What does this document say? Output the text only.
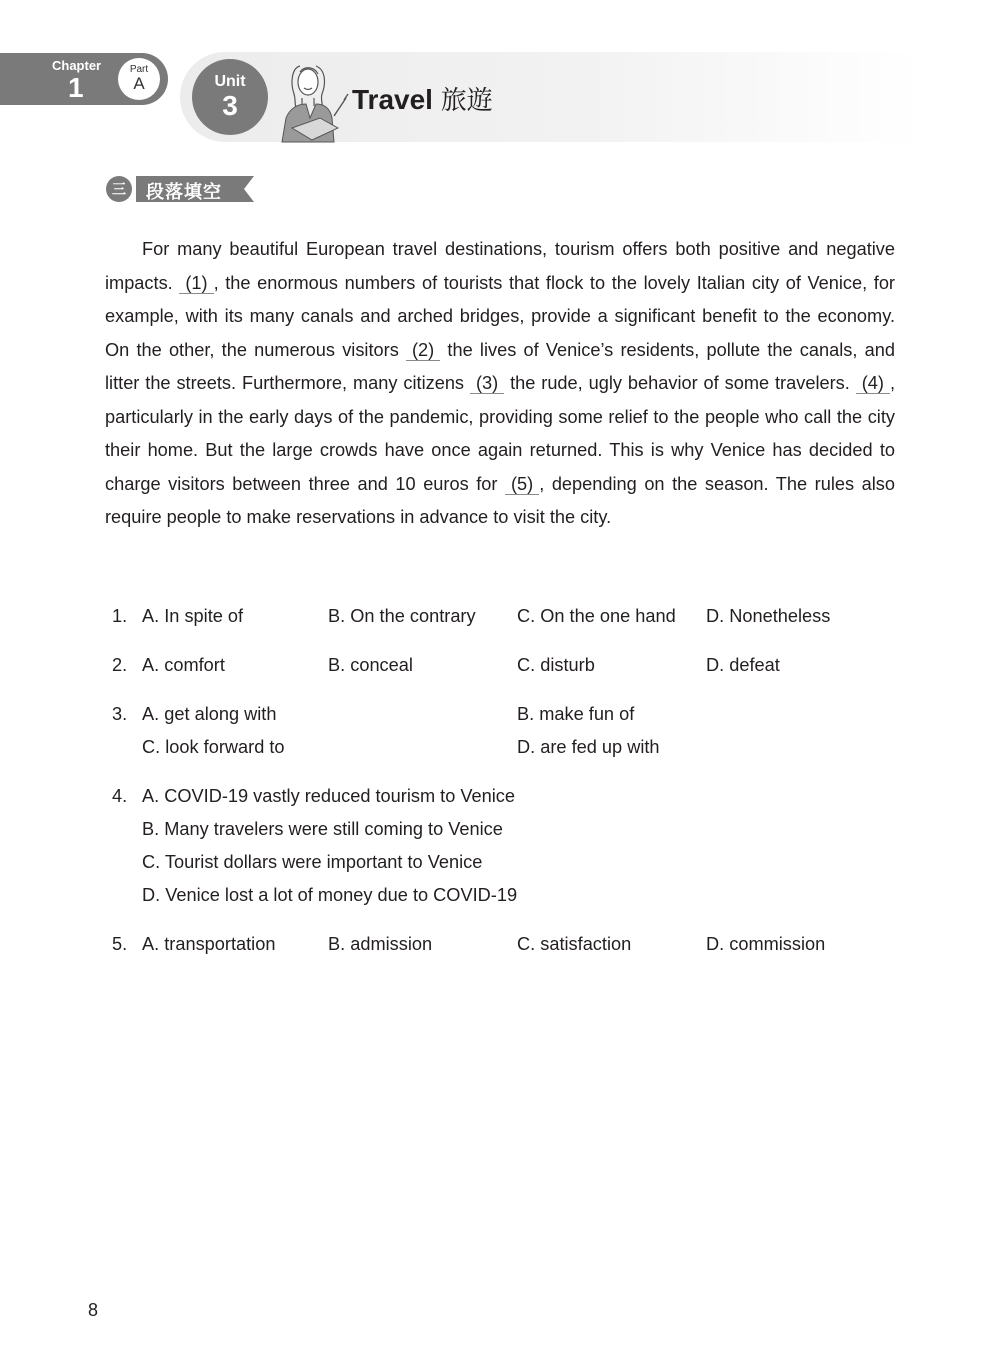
Chapter
1
Part
A	Unit
3	Travel 旅遊
三	段落填空
For many beautiful European travel destinations, tourism offers both positive and negative impacts. (1) , the enormous numbers of tourists that flock to the lovely Italian city of Venice, for example, with its many canals and arched bridges, provide a significant benefit to the economy. On the other, the numerous visitors (2) the lives of Venice’s residents, pollute the canals, and litter the streets. Furthermore, many citizens (3) the rude, ugly behavior of some travelers. (4) , particularly in the early days of the pandemic, providing some relief to the people who call the city their home. But the large crowds have once again returned. This is why Venice has decided to charge visitors between three and 10 euros for (5) , depending on the season. The rules also require people to make reservations in advance to visit the city.
1. A. In spite of	B. On the contrary C. On the one hand D. Nonetheless
2. A. comfort	B. conceal	C. disturb	D. defeat
3. A. get along with	B. make fun of
C. look forward to	D. are fed up with
4. A. COVID-19 vastly reduced tourism to Venice
B. Many travelers were still coming to Venice
C. Tourist dollars were important to Venice
D. Venice lost a lot of money due to COVID-19
5. A. transportation	B. admission	C. satisfaction	D. commission
8
